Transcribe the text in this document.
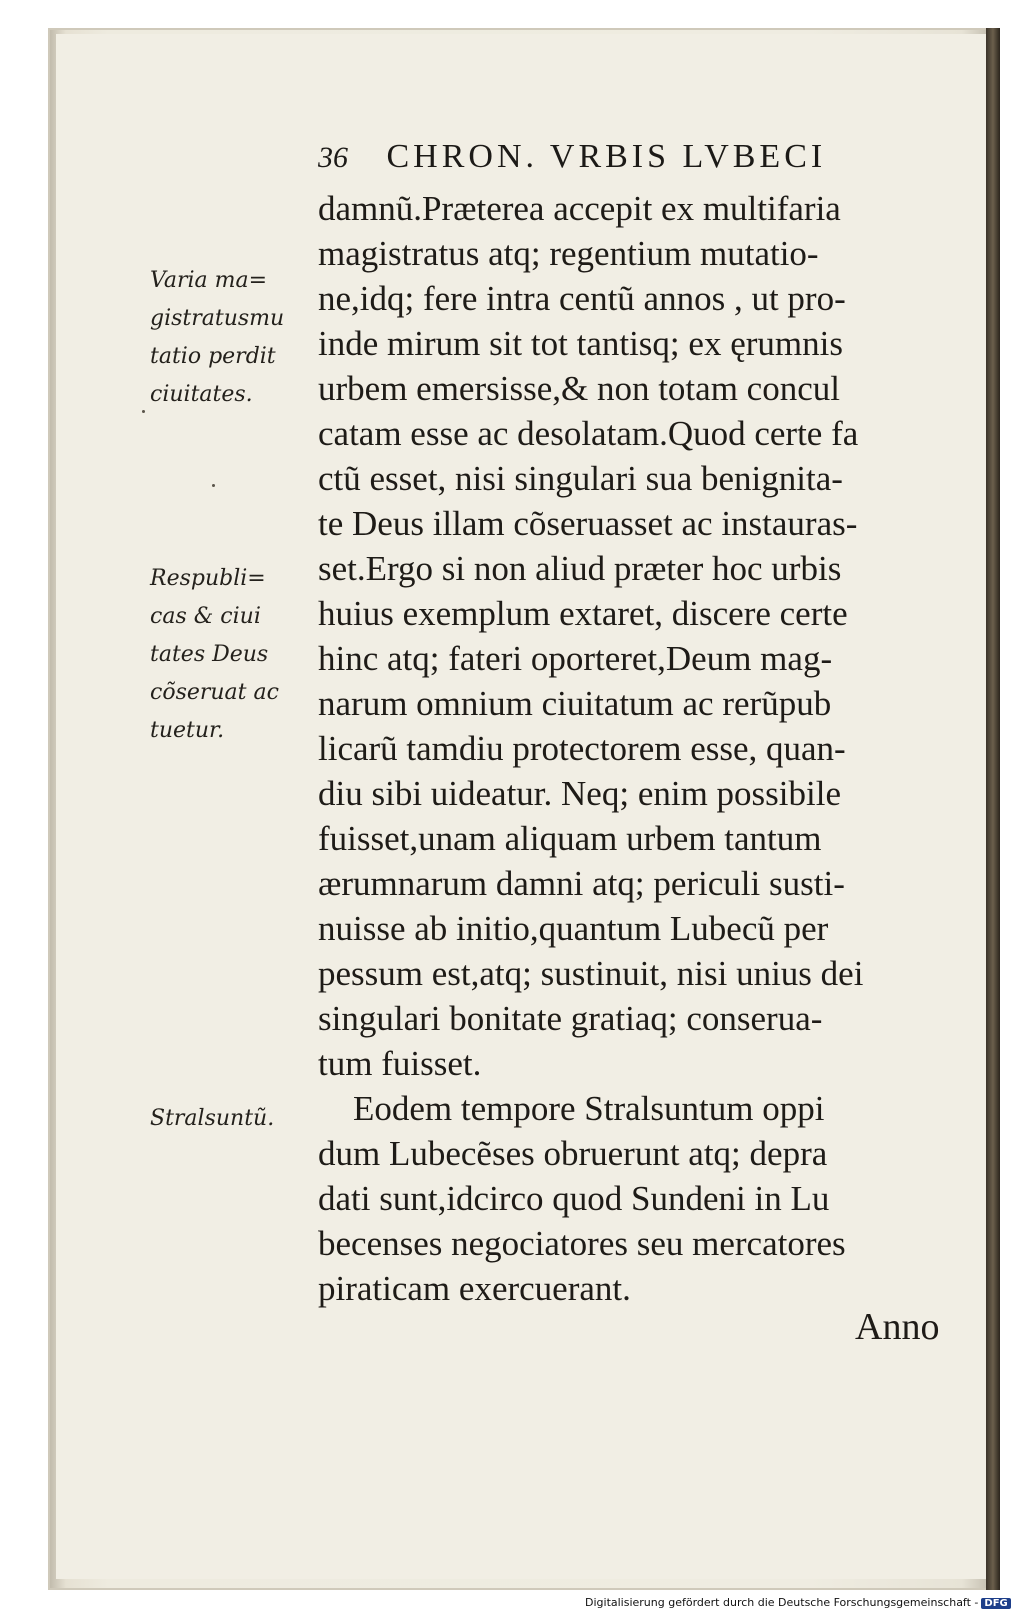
36 CHRON. VRBIS LVBECI
Varia ma=
gistratusmu
tatio perdit
ciuitates.
Respubli=
cas & ciui
tates Deus
cõseruat ac
tuetur.
Stralsuntũ.
damnũ.Præterea accepit ex multifaria
magistratus atq; regentium mutatio-
ne,idq; fere intra centũ annos , ut pro-
inde mirum sit tot tantisq; ex ęrumnis
urbem emersisse,& non totam concul
catam esse ac desolatam.Quod certe fa
ctũ esset, nisi singulari sua benignita-
te Deus illam cõseruasset ac instauras-
set.Ergo si non aliud præter hoc urbis
huius exemplum extaret, discere certe
hinc atq; fateri oporteret,Deum mag-
narum omnium ciuitatum ac rerũpub
licarũ tamdiu protectorem esse, quan-
diu sibi uideatur. Neq; enim possibile
fuisset,unam aliquam urbem tantum
ærumnarum damni atq; periculi susti-
nuisse ab initio,quantum Lubecũ per
pessum est,atq; sustinuit, nisi unius dei
singulari bonitate gratiaq; conserua-
tum fuisset.
Eodem tempore Stralsuntum oppi
dum Lubecẽses obruerunt atq; depra
dati sunt,idcirco quod Sundeni in Lu
becenses negociatores seu mercatores
piraticam exercuerant.
Anno
Digitalisierung gefördert durch die Deutsche Forschungsgemeinschaft - DFG
